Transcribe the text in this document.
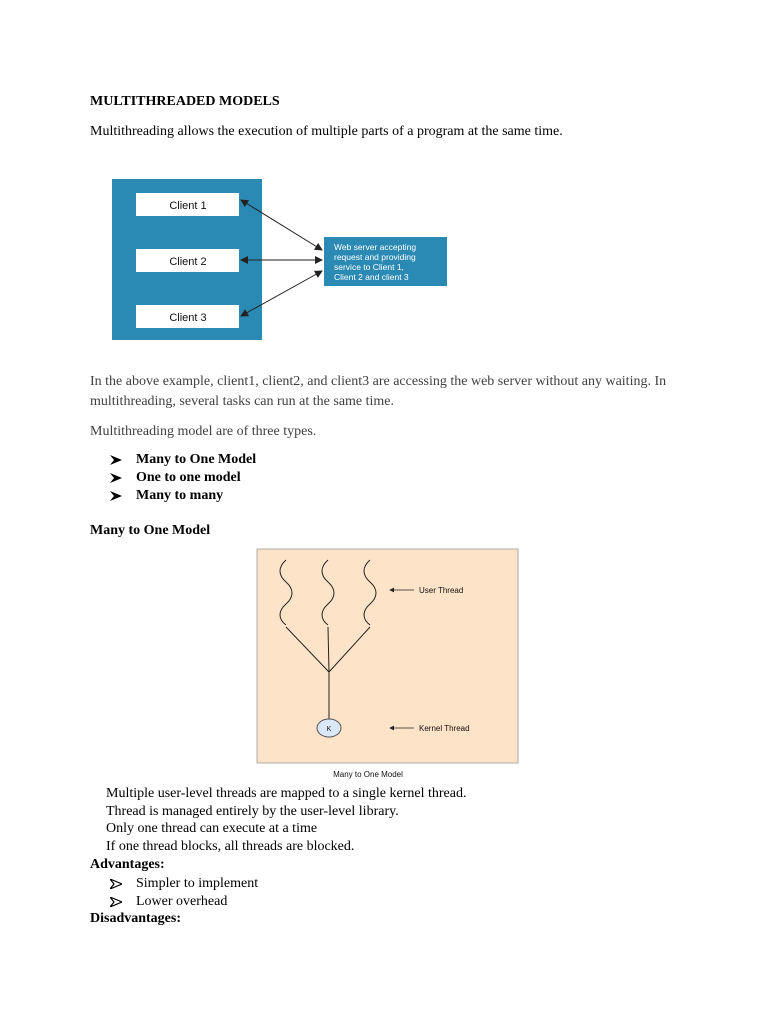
MULTITHREADED MODELS
Multithreading allows the execution of multiple parts of a program at the same time.
Client 1
Client 2
Client 3
Web server accepting
request and providing
service to Client 1,
Client 2 and client 3
In the above example, client1, client2, and client3 are accessing the web server without any waiting. In multithreading, several tasks can run at the same time.
Multithreading model are of three types.
Many to One Model
One to one model
Many to many
Many to One Model
K
User Thread
Kernel Thread
Many to One Model
Multiple user-level threads are mapped to a single kernel thread.
Thread is managed entirely by the user-level library.
Only one thread can execute at a time
If one thread blocks, all threads are blocked.
Advantages:
Simpler to implement
Lower overhead
Disadvantages:
